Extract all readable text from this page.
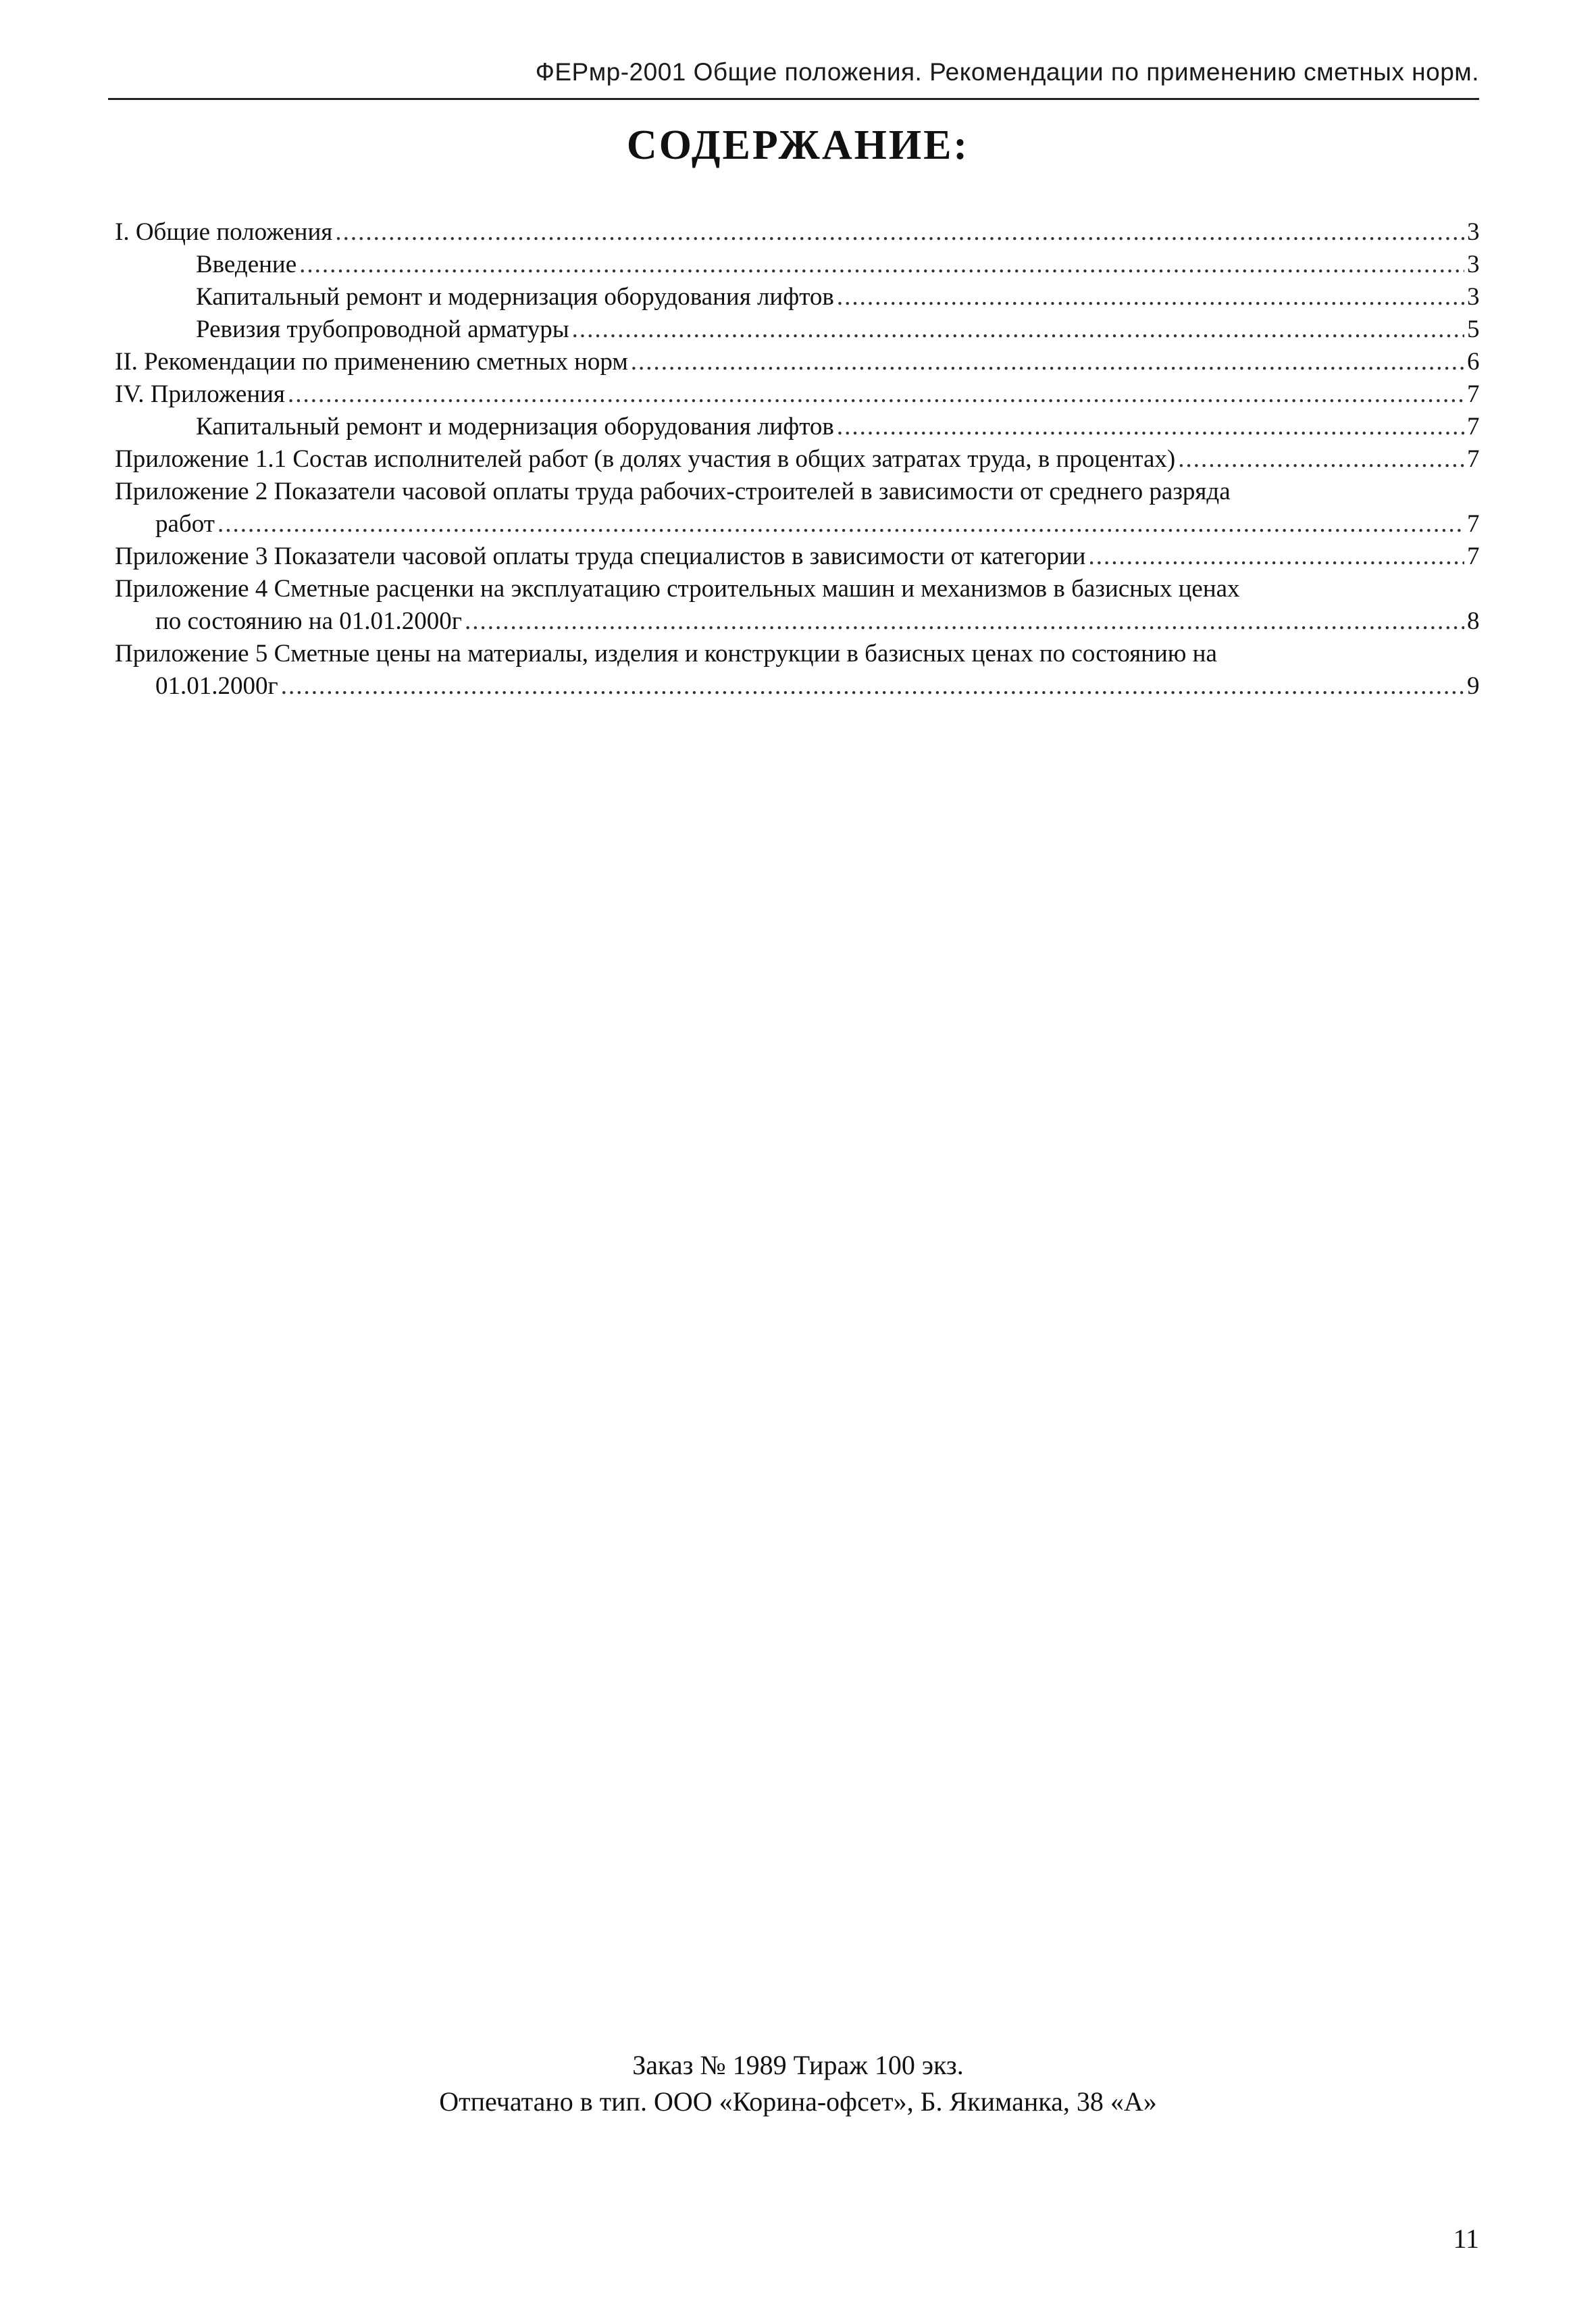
ФЕРмр-2001 Общие положения. Рекомендации по применению сметных норм.
СОДЕРЖАНИЕ:
I. Общие положения .....	3
Введение .....	3
Капитальный ремонт и модернизация оборудования лифтов .....	3
Ревизия трубопроводной арматуры .....	5
II. Рекомендации по применению сметных норм .....	6
IV. Приложения .....	7
Капитальный ремонт и модернизация оборудования лифтов .....	7
Приложение 1.1 Состав исполнителей работ (в долях участия в общих затратах труда, в процентах) .....	7
Приложение 2 Показатели часовой оплаты труда рабочих-строителей в зависимости от среднего разряда
работ .....	7
Приложение 3 Показатели часовой оплаты труда специалистов в зависимости от категории .....	7
Приложение 4 Сметные расценки на эксплуатацию строительных машин и механизмов в базисных ценах
по состоянию на 01.01.2000г .....	8
Приложение 5 Сметные цены на материалы, изделия и конструкции в базисных ценах по состоянию на
01.01.2000г .....	9
Заказ № 1989 Тираж 100 экз.
Отпечатано в тип. ООО «Корина-офсет», Б. Якиманка, 38 «А»
11
